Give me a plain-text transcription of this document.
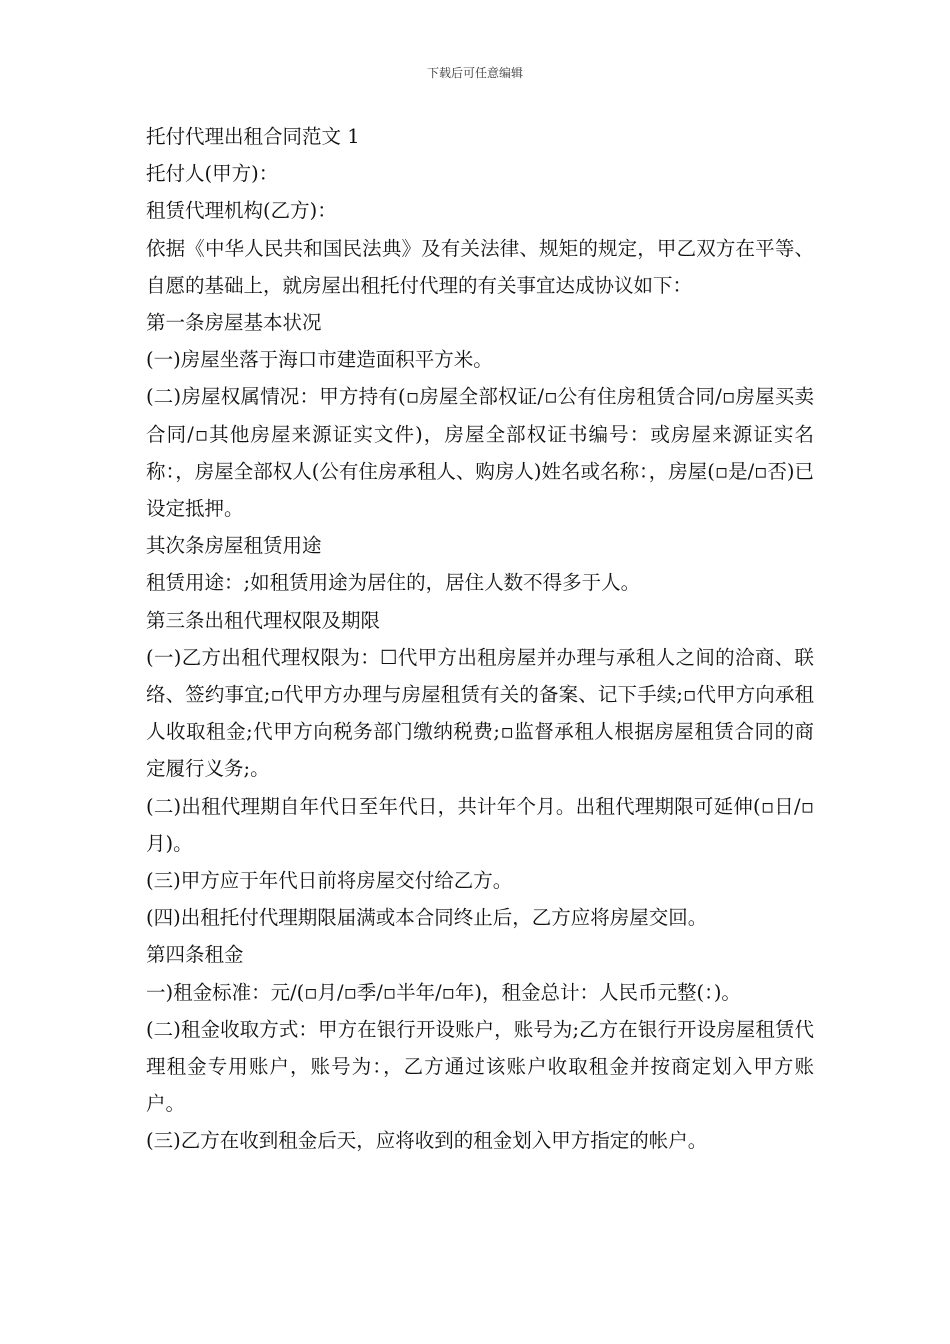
下载后可任意编辑

托付代理出租合同范文 1

托付人(甲方)：

租赁代理机构(乙方)：

依据《中华人民共和国民法典》及有关法律、规矩的规定，甲乙双方在平等、自愿的基础上，就房屋出租托付代理的有关事宜达成协议如下：

第一条房屋基本状况

(一)房屋坐落于海口市建造面积平方米。

(二)房屋权属情况：甲方持有(▫房屋全部权证/▫公有住房租赁合同/▫房屋买卖合同/▫其他房屋来源证实文件)，房屋全部权证书编号：或房屋来源证实名称：，房屋全部权人(公有住房承租人、购房人)姓名或名称：，房屋(▫是/▫否)已设定抵押。

其次条房屋租赁用途

租赁用途：;如租赁用途为居住的，居住人数不得多于人。

第三条出租代理权限及期限

(一)乙方出租代理权限为：☐代甲方出租房屋并办理与承租人之间的洽商、联络、签约事宜;▫代甲方办理与房屋租赁有关的备案、记下手续;▫代甲方向承租人收取租金;代甲方向税务部门缴纳税费;▫监督承租人根据房屋租赁合同的商定履行义务;。

(二)出租代理期自年代日至年代日，共计年个月。出租代理期限可延伸(▫日/▫月)。

(三)甲方应于年代日前将房屋交付给乙方。

(四)出租托付代理期限届满或本合同终止后，乙方应将房屋交回。

第四条租金

一)租金标准：元/(▫月/▫季/▫半年/▫年)，租金总计：人民币元整(：)。

(二)租金收取方式：甲方在银行开设账户，账号为;乙方在银行开设房屋租赁代理租金专用账户，账号为：，乙方通过该账户收取租金并按商定划入甲方账户。

(三)乙方在收到租金后天，应将收到的租金划入甲方指定的帐户。
